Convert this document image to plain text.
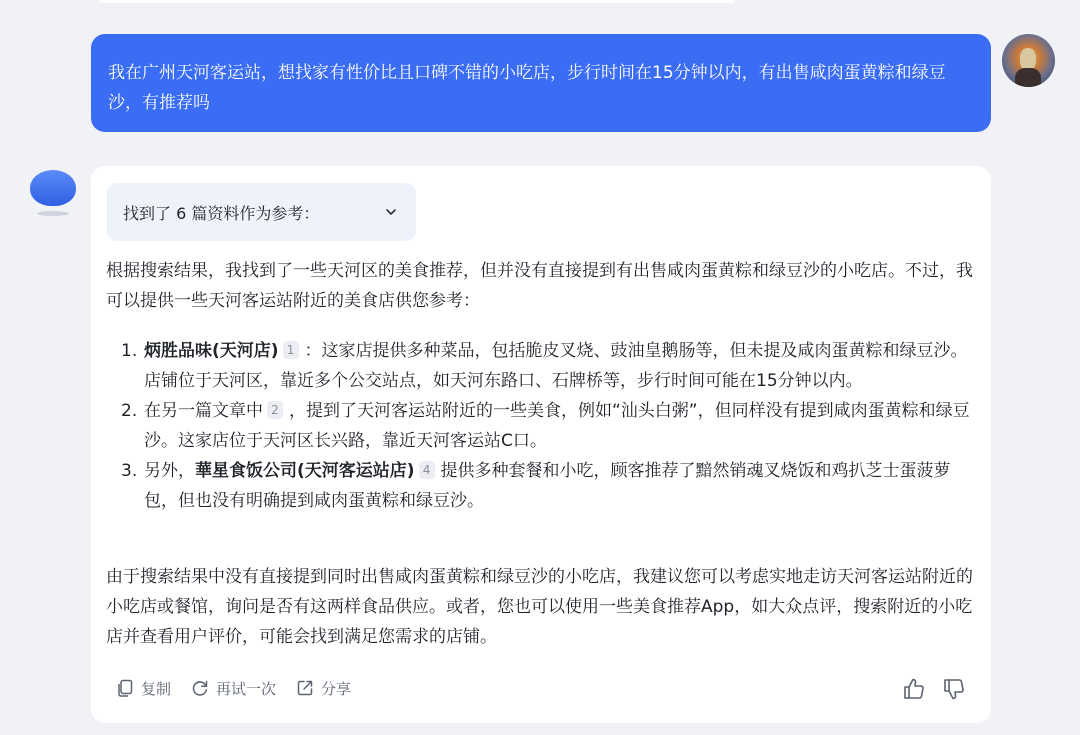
我在广州天河客运站，想找家有性价比且口碑不错的小吃店，步行时间在15分钟以内，有出售咸肉蛋黄粽和绿豆沙，有推荐吗
找到了 6 篇资料作为参考：
根据搜索结果，我找到了一些天河区的美食推荐，但并没有直接提到有出售咸肉蛋黄粽和绿豆沙的小吃店。不过，我可以提供一些天河客运站附近的美食店供您参考：
1. 炳胜品味(天河店) 1 ：这家店提供多种菜品，包括脆皮叉烧、豉油皇鹅肠等，但未提及咸肉蛋黄粽和绿豆沙。店铺位于天河区，靠近多个公交站点，如天河东路口、石牌桥等，步行时间可能在15分钟以内。
2. 在另一篇文章中 2 ，提到了天河客运站附近的一些美食，例如“汕头白粥”，但同样没有提到咸肉蛋黄粽和绿豆沙。这家店位于天河区长兴路，靠近天河客运站C口。
3. 另外，華星食饭公司(天河客运站店) 4 提供多种套餐和小吃，顾客推荐了黯然销魂叉烧饭和鸡扒芝士蛋菠萝包，但也没有明确提到咸肉蛋黄粽和绿豆沙。
由于搜索结果中没有直接提到同时出售咸肉蛋黄粽和绿豆沙的小吃店，我建议您可以考虑实地走访天河客运站附近的小吃店或餐馆，询问是否有这两样食品供应。或者，您也可以使用一些美食推荐App，如大众点评，搜索附近的小吃店并查看用户评价，可能会找到满足您需求的店铺。
复制	再试一次	分享
